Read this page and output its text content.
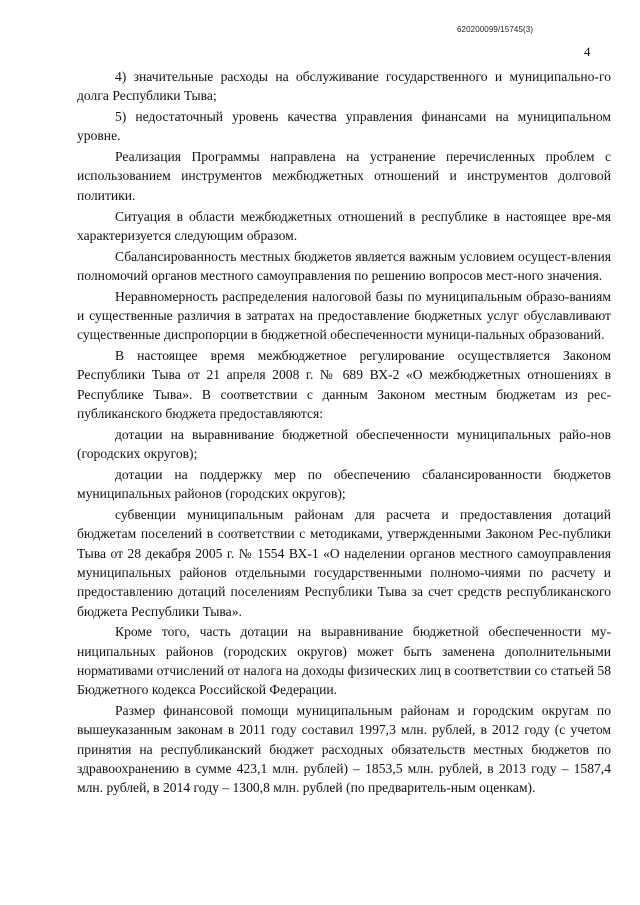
620200099/15745(3)
4

4) значительные расходы на обслуживание государственного и муниципально-го долга Республики Тыва;

5) недостаточный уровень качества управления финансами на муниципальном уровне.

Реализация Программы направлена на устранение перечисленных проблем с использованием инструментов межбюджетных отношений и инструментов долговой политики.

Ситуация в области межбюджетных отношений в республике в настоящее вре-мя характеризуется следующим образом.

Сбалансированность местных бюджетов является важным условием осущест-вления полномочий органов местного самоуправления по решению вопросов мест-ного значения.

Неравномерность распределения налоговой базы по муниципальным образо-ваниям и существенные различия в затратах на предоставление бюджетных услуг обуславливают существенные диспропорции в бюджетной обеспеченности муници-пальных образований.

В настоящее время межбюджетное регулирование осуществляется Законом Республики Тыва от 21 апреля 2008 г. № 689 ВХ-2 «О межбюджетных отношениях в Республике Тыва». В соответствии с данным Законом местным бюджетам из рес-публиканского бюджета предоставляются:

дотации на выравнивание бюджетной обеспеченности муниципальных райо-нов (городских округов);

дотации на поддержку мер по обеспечению сбалансированности бюджетов муниципальных районов (городских округов);

субвенции муниципальным районам для расчета и предоставления дотаций бюджетам поселений в соответствии с методиками, утвержденными Законом Рес-публики Тыва от 28 декабря 2005 г. № 1554 ВХ-1 «О наделении органов местного самоуправления муниципальных районов отдельными государственными полномо-чиями по расчету и предоставлению дотаций поселениям Республики Тыва за счет средств республиканского бюджета Республики Тыва».

Кроме того, часть дотации на выравнивание бюджетной обеспеченности му-ниципальных районов (городских округов) может быть заменена дополнительными нормативами отчислений от налога на доходы физических лиц в соответствии со статьей 58 Бюджетного кодекса Российской Федерации.

Размер финансовой помощи муниципальным районам и городским округам по вышеуказанным законам в 2011 году составил 1997,3 млн. рублей, в 2012 году (с учетом принятия на республиканский бюджет расходных обязательств местных бюджетов по здравоохранению в сумме 423,1 млн. рублей) – 1853,5 млн. рублей, в 2013 году – 1587,4 млн. рублей, в 2014 году – 1300,8 млн. рублей (по предваритель-ным оценкам).
